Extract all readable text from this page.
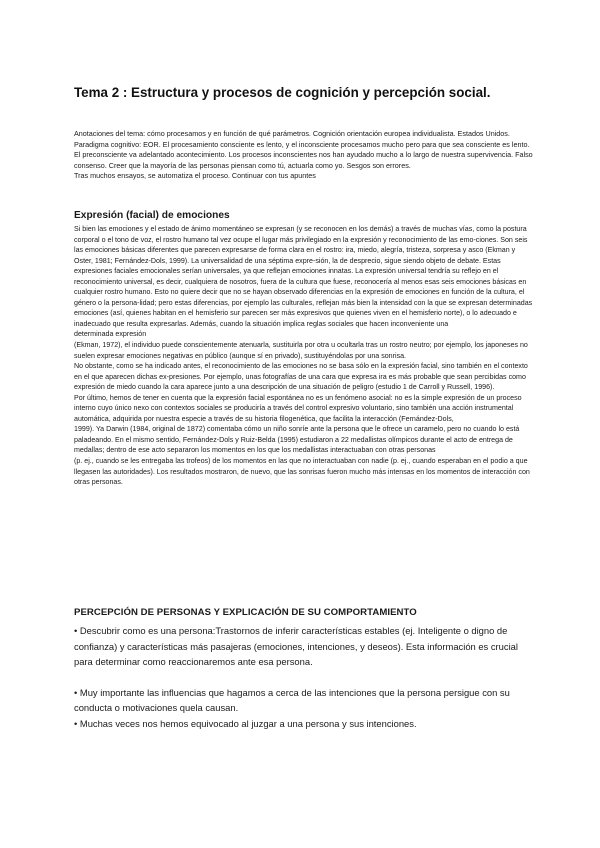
Tema 2 : Estructura y procesos de cognición y percepción social.

Anotaciones del tema: cómo procesamos y en función de qué parámetros. Cognición orientación europea individualista. Estados Unidos. Paradigma cognitivo: EOR. El procesamiento consciente es lento, y el inconsciente procesamos mucho pero para que sea consciente es lento. El preconsciente va adelantado acontecimiento. Los procesos inconscientes nos han ayudado mucho a lo largo de nuestra supervivencia. Falso consenso. Creer que la mayoría de las personas piensan como tú, actuarla como yo. Sesgos son errores.

Tras muchos ensayos, se automatiza el proceso. Continuar con tus apuntes

Expresión (facial) de emociones

Si bien las emociones y el estado de ánimo momentáneo se expresan (y se reconocen en los demás) a través de muchas vías, como la postura corporal o el tono de voz, el rostro humano tal vez ocupe el lugar más privilegiado en la expresión y reconocimiento de las emo-ciones. Son seis las emociones básicas diferentes que parecen expresarse de forma clara en el rostro: ira, miedo, alegría, tristeza, sorpresa y asco (Ekman y Oster, 1981; Fernández-Dols, 1999). La universalidad de una séptima expre-sión, la de desprecio, sigue siendo objeto de debate. Estas expresiones faciales emocionales serían universales, ya que reflejan emociones innatas. La expresión universal tendría su reflejo en el reconocimiento universal, es decir, cualquiera de nosotros, fuera de la cultura que fuese, reconocería al menos esas seis emociones básicas en cualquier rostro humano. Esto no quiere decir que no se hayan observado diferencias en la expresión de emociones en función de la cultura, el género o la persona-lidad; pero estas diferencias, por ejemplo las culturales, reflejan más bien la intensidad con la que se expresan determinadas emociones (así, quienes habitan en el hemisferio sur parecen ser más expresivos que quienes viven en el hemisferio norte), o lo adecuado e inadecuado que resulta expresarlas. Además, cuando la situación implica reglas sociales que hacen inconveniente una

determinada expresión

(Ekman, 1972), el individuo puede conscientemente atenuarla, sustituirla por otra u ocultarla tras un rostro neutro; por ejemplo, los japoneses no suelen expresar emociones negativas en público (aunque sí en privado), sustituyéndolas por una sonrisa.

No obstante, como se ha indicado antes, el reconocimiento de las emociones no se basa sólo en la expresión facial, sino también en el contexto en el que aparecen dichas ex-presiones. Por ejemplo, unas fotografías de una cara que expresa ira es más probable que sean percibidas como expresión de miedo cuando la cara aparece junto a una descripción de una situación de peligro (estudio 1 de Carroll y Russell, 1996).

Por último, hemos de tener en cuenta que la expresión facial espontánea no es un fenómeno asocial: no es la simple expresión de un proceso interno cuyo único nexo con contextos sociales se produciría a través del control expresivo voluntario, sino también una acción instrumental automática, adquirida por nuestra especie a través de su historia filogenética, que facilita la interacción (Fernández-Dols,

1999). Ya Darwin (1984, original de 1872) comentaba cómo un niño sonríe ante la persona que le ofrece un caramelo, pero no cuando lo está paladeando. En el mismo sentido, Fernández-Dols y Ruiz-Belda (1995) estudiaron a 22 medallistas olímpicos durante el acto de entrega de medallas; dentro de ese acto separaron los momentos en los que los medallistas interactuaban con otras personas

(p. ej., cuando se les entregaba las trofeos) de los momentos en las que no interactuaban con nadie (p. ej., cuando esperaban en el podio a que llegasen las autoridades). Los resultados mostraron, de nuevo, que las sonrisas fueron mucho más intensas en los momentos de interacción con otras personas.

PERCEPCIÓN DE PERSONAS Y EXPLICACIÓN DE SU COMPORTAMIENTO

• Descubrir como es una persona:Trastornos de inferir características estables (ej. Inteligente o digno de confianza) y características más pasajeras (emociones, intenciones, y deseos). Esta información es crucial para determinar como reaccionaremos ante esa persona.

• Muy importante las influencias que hagamos a cerca de las intenciones que la persona persigue con su conducta o motivaciones quela causan.

• Muchas veces nos hemos equivocado al juzgar a una persona y sus intenciones.
